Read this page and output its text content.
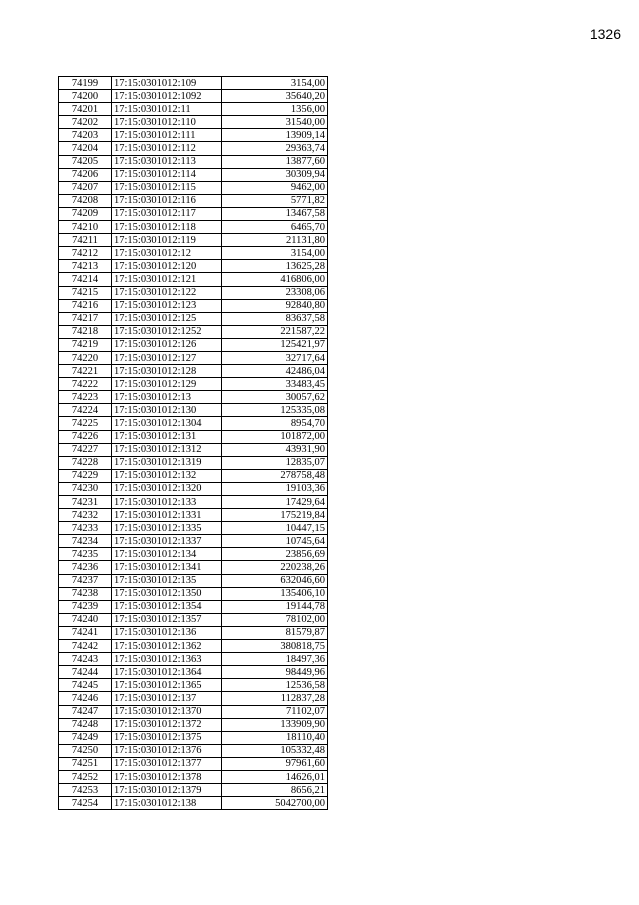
1326
74199	17:15:0301012:109	3154,00
74200	17:15:0301012:1092	35640,20
74201	17:15:0301012:11	1356,00
74202	17:15:0301012:110	31540,00
74203	17:15:0301012:111	13909,14
74204	17:15:0301012:112	29363,74
74205	17:15:0301012:113	13877,60
74206	17:15:0301012:114	30309,94
74207	17:15:0301012:115	9462,00
74208	17:15:0301012:116	5771,82
74209	17:15:0301012:117	13467,58
74210	17:15:0301012:118	6465,70
74211	17:15:0301012:119	21131,80
74212	17:15:0301012:12	3154,00
74213	17:15:0301012:120	13625,28
74214	17:15:0301012:121	416806,00
74215	17:15:0301012:122	23308,06
74216	17:15:0301012:123	92840,80
74217	17:15:0301012:125	83637,58
74218	17:15:0301012:1252	221587,22
74219	17:15:0301012:126	125421,97
74220	17:15:0301012:127	32717,64
74221	17:15:0301012:128	42486,04
74222	17:15:0301012:129	33483,45
74223	17:15:0301012:13	30057,62
74224	17:15:0301012:130	125335,08
74225	17:15:0301012:1304	8954,70
74226	17:15:0301012:131	101872,00
74227	17:15:0301012:1312	43931,90
74228	17:15:0301012:1319	12835,07
74229	17:15:0301012:132	278758,48
74230	17:15:0301012:1320	19103,36
74231	17:15:0301012:133	17429,64
74232	17:15:0301012:1331	175219,84
74233	17:15:0301012:1335	10447,15
74234	17:15:0301012:1337	10745,64
74235	17:15:0301012:134	23856,69
74236	17:15:0301012:1341	220238,26
74237	17:15:0301012:135	632046,60
74238	17:15:0301012:1350	135406,10
74239	17:15:0301012:1354	19144,78
74240	17:15:0301012:1357	78102,00
74241	17:15:0301012:136	81579,87
74242	17:15:0301012:1362	380818,75
74243	17:15:0301012:1363	18497,36
74244	17:15:0301012:1364	98449,96
74245	17:15:0301012:1365	12536,58
74246	17:15:0301012:137	112837,28
74247	17:15:0301012:1370	71102,07
74248	17:15:0301012:1372	133909,90
74249	17:15:0301012:1375	18110,40
74250	17:15:0301012:1376	105332,48
74251	17:15:0301012:1377	97961,60
74252	17:15:0301012:1378	14626,01
74253	17:15:0301012:1379	8656,21
74254	17:15:0301012:138	5042700,00
